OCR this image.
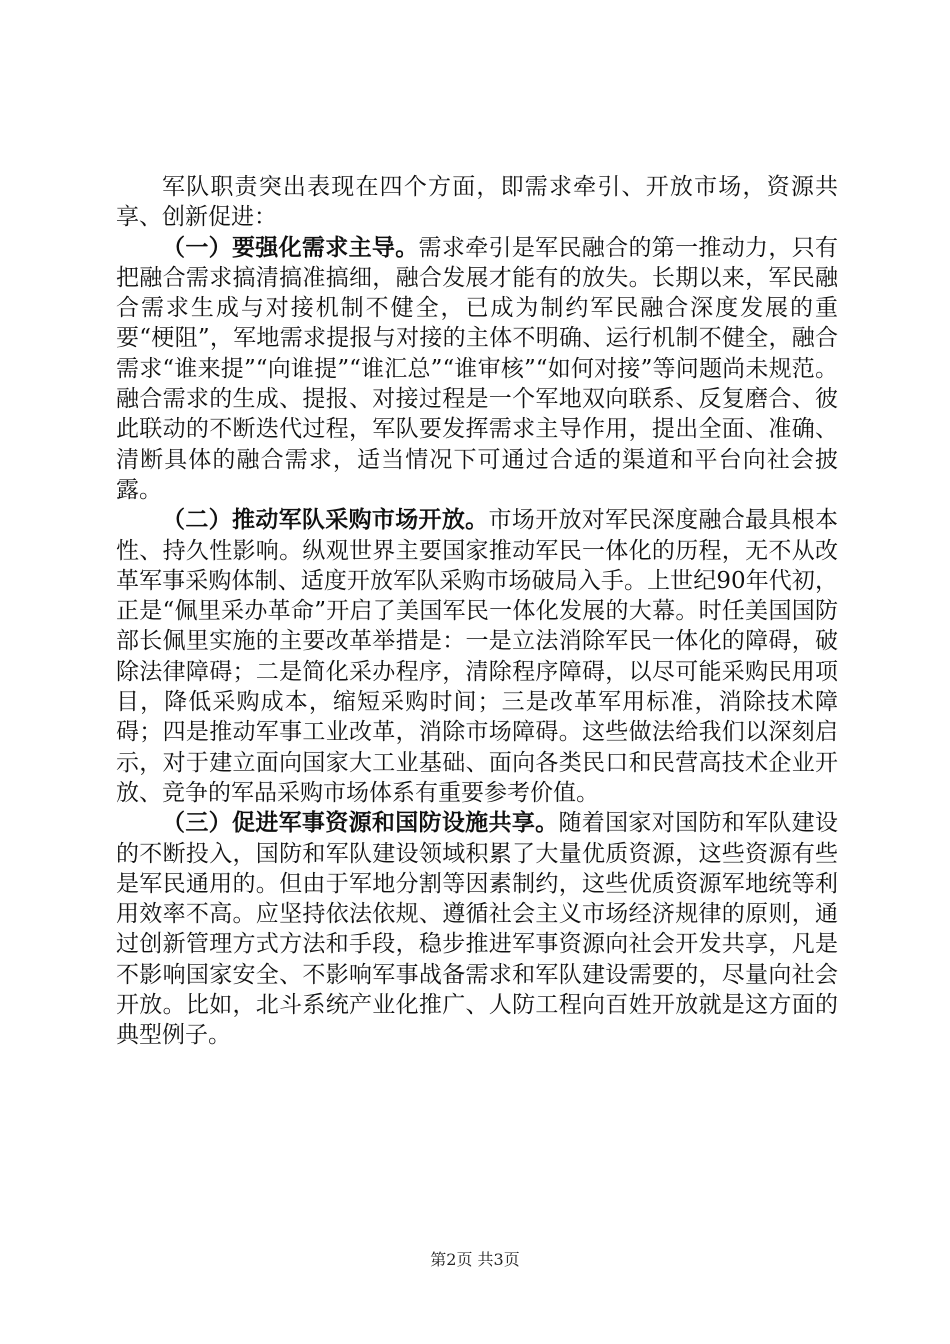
军队职责突出表现在四个方面，即需求牵引、开放市场，资源共享、创新促进：

（一）要强化需求主导。需求牵引是军民融合的第一推动力，只有把融合需求搞清搞准搞细，融合发展才能有的放失。长期以来，军民融合需求生成与对接机制不健全，已成为制约军民融合深度发展的重要“梗阻”，军地需求提报与对接的主体不明确、运行机制不健全，融合需求“谁来提”“向谁提”“谁汇总”“谁审核”“如何对接”等问题尚未规范。融合需求的生成、提报、对接过程是一个军地双向联系、反复磨合、彼此联动的不断迭代过程，军队要发挥需求主导作用，提出全面、准确、清断具体的融合需求，适当情况下可通过合适的渠道和平台向社会披露。

（二）推动军队采购市场开放。市场开放对军民深度融合最具根本性、持久性影响。纵观世界主要国家推动军民一体化的历程，无不从改革军事采购体制、适度开放军队采购市场破局入手。上世纪90年代初，正是“佩里采办革命”开启了美国军民一体化发展的大幕。时任美国国防部长佩里实施的主要改革举措是：一是立法消除军民一体化的障碍，破除法律障碍；二是简化采办程序，清除程序障碍，以尽可能采购民用项目，降低采购成本，缩短采购时间；三是改革军用标准，消除技术障碍；四是推动军事工业改革，消除市场障碍。这些做法给我们以深刻启示，对于建立面向国家大工业基础、面向各类民口和民营高技术企业开放、竞争的军品采购市场体系有重要参考价值。

（三）促进军事资源和国防设施共享。随着国家对国防和军队建设的不断投入，国防和军队建设领域积累了大量优质资源，这些资源有些是军民通用的。但由于军地分割等因素制约，这些优质资源军地统等利用效率不高。应坚持依法依规、遵循社会主义市场经济规律的原则，通过创新管理方式方法和手段，稳步推进军事资源向社会开发共享，凡是不影响国家安全、不影响军事战备需求和军队建设需要的，尽量向社会开放。比如，北斗系统产业化推广、人防工程向百姓开放就是这方面的典型例子。

第2页 共3页
